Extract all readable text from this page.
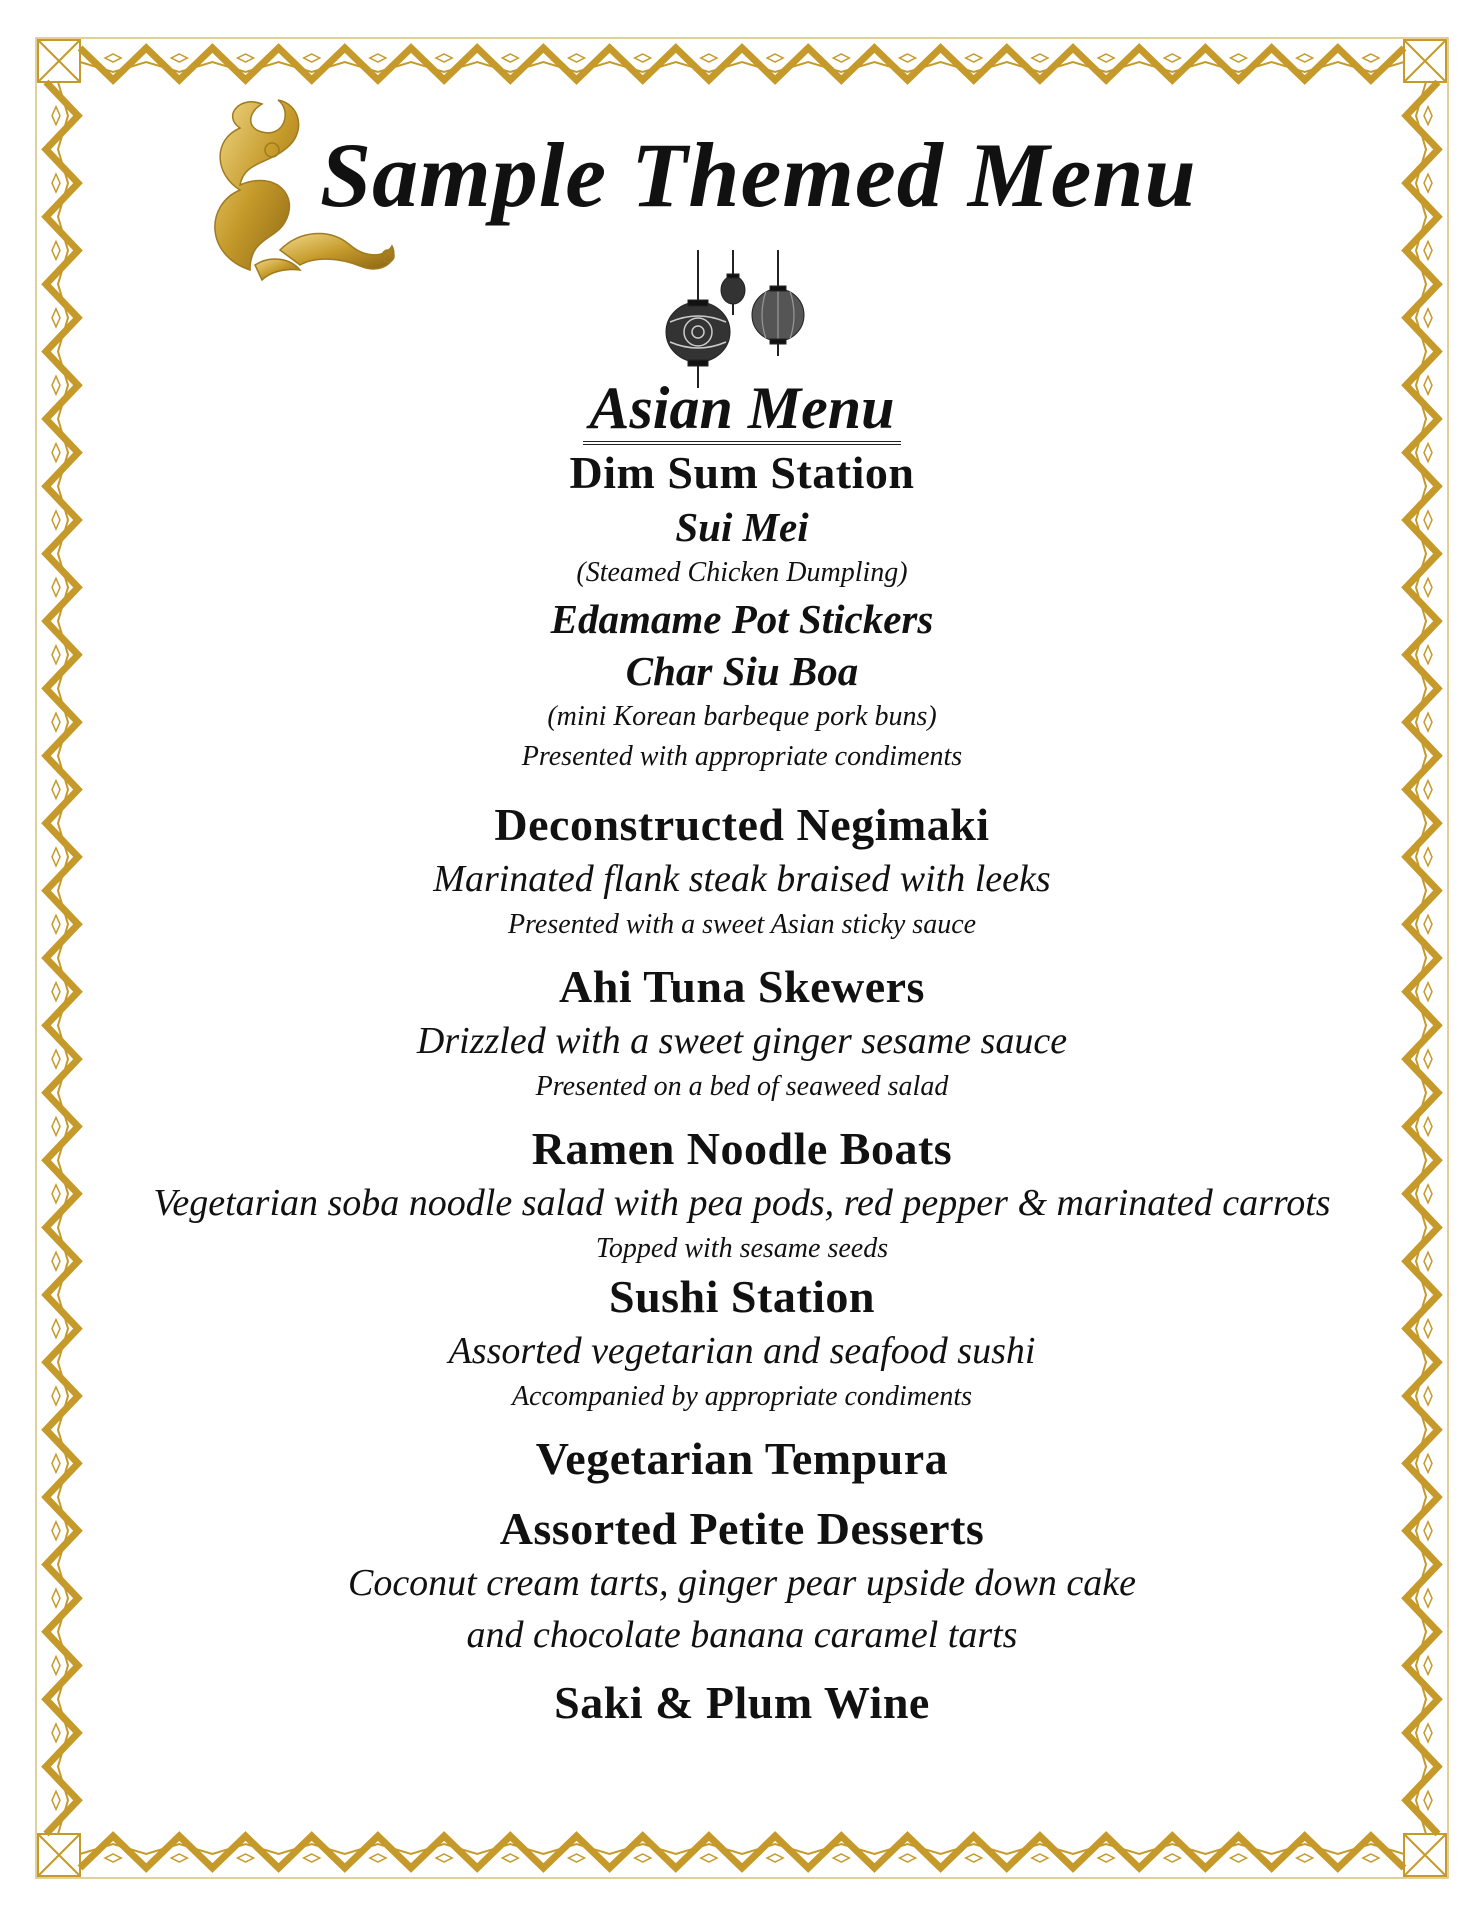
Sample Themed Menu
Asian Menu
Dim Sum Station
Sui Mei
(Steamed Chicken Dumpling)
Edamame Pot Stickers
Char Siu Boa
(mini Korean barbeque pork buns)
Presented with appropriate condiments
Deconstructed Negimaki
Marinated flank steak braised with leeks
Presented with a sweet Asian sticky sauce
Ahi Tuna Skewers
Drizzled with a sweet ginger sesame sauce
Presented on a bed of seaweed salad
Ramen Noodle Boats
Vegetarian soba noodle salad with pea pods, red pepper & marinated carrots
Topped with sesame seeds
Sushi Station
Assorted vegetarian and seafood sushi
Accompanied by appropriate condiments
Vegetarian Tempura
Assorted Petite Desserts
Coconut cream tarts, ginger pear upside down cake
and chocolate banana caramel tarts
Saki & Plum Wine
